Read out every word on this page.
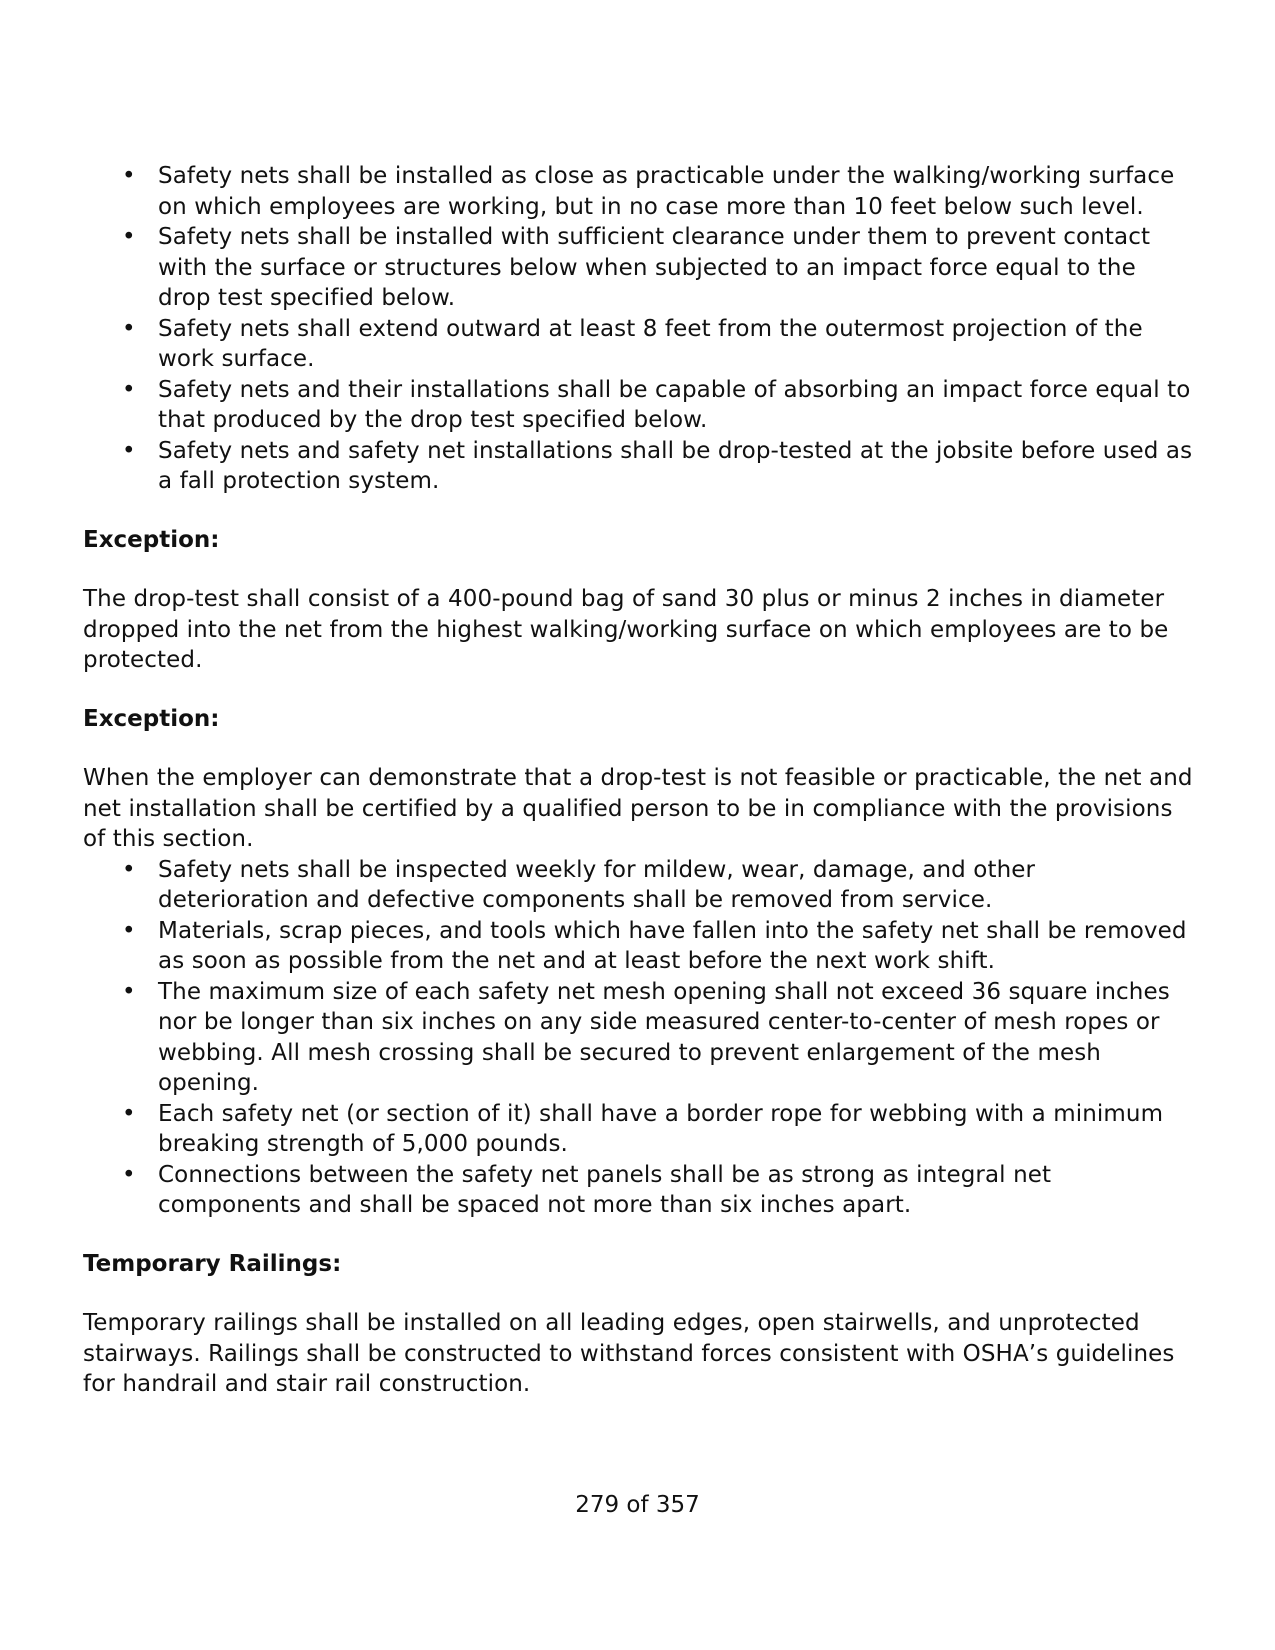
• Safety nets shall be installed as close as practicable under the walking/working surface on which employees are working, but in no case more than 10 feet below such level.
• Safety nets shall be installed with sufficient clearance under them to prevent contact with the surface or structures below when subjected to an impact force equal to the drop test specified below.
• Safety nets shall extend outward at least 8 feet from the outermost projection of the work surface.
• Safety nets and their installations shall be capable of absorbing an impact force equal to that produced by the drop test specified below.
• Safety nets and safety net installations shall be drop-tested at the jobsite before used as a fall protection system.
Exception:
The drop-test shall consist of a 400-pound bag of sand 30 plus or minus 2 inches in diameter dropped into the net from the highest walking/working surface on which employees are to be protected.
Exception:
When the employer can demonstrate that a drop-test is not feasible or practicable, the net and net installation shall be certified by a qualified person to be in compliance with the provisions of this section.
• Safety nets shall be inspected weekly for mildew, wear, damage, and other deterioration and defective components shall be removed from service.
• Materials, scrap pieces, and tools which have fallen into the safety net shall be removed as soon as possible from the net and at least before the next work shift.
• The maximum size of each safety net mesh opening shall not exceed 36 square inches nor be longer than six inches on any side measured center-to-center of mesh ropes or webbing. All mesh crossing shall be secured to prevent enlargement of the mesh opening.
• Each safety net (or section of it) shall have a border rope for webbing with a minimum breaking strength of 5,000 pounds.
• Connections between the safety net panels shall be as strong as integral net components and shall be spaced not more than six inches apart.
Temporary Railings:
Temporary railings shall be installed on all leading edges, open stairwells, and unprotected stairways. Railings shall be constructed to withstand forces consistent with OSHA’s guidelines for handrail and stair rail construction.
279 of 357
